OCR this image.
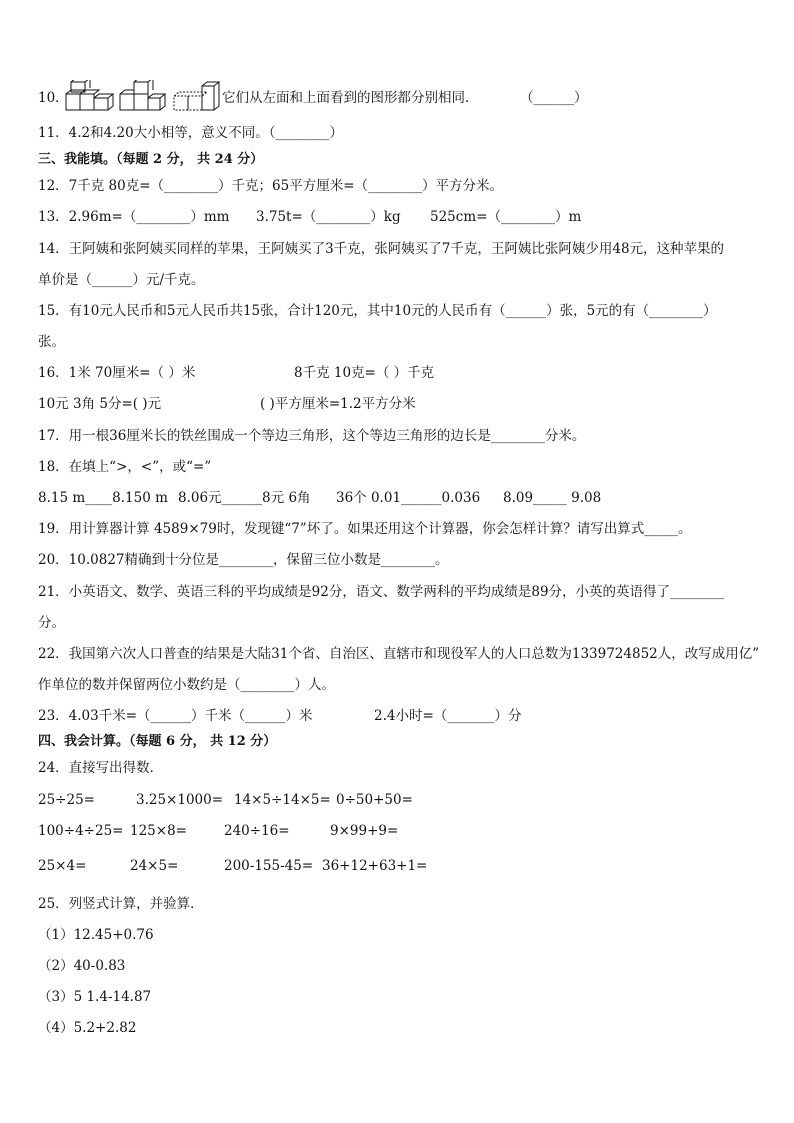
10．	它们从左面和上面看到的图形都分别相同．	（______）
11．4.2和4.20大小相等，意义不同。（________）
三、我能填。（每题 2 分， 共 24 分）
12．7千克 80克=（________）千克；65平方厘米=（________）平方分米。
13．2.96m=（________）mm 3.75t=（________）kg 525cm=（________）m
14．王阿姨和张阿姨买同样的苹果，王阿姨买了3千克，张阿姨买了7千克，王阿姨比张阿姨少用48元，这种苹果的
单价是（______）元/千克。
15．有10元人民币和5元人民币共15张，合计120元，其中10元的人民币有（______）张，5元的有（________）
张。
16．1米 70厘米=（ ）米	8千克 10克=（ ）千克
10元 3角 5分=( )元	( )平方厘米=1.2平方分米
17．用一根36厘米长的铁丝围成一个等边三角形，这个等边三角形的边长是________分米。
18．在填上“>，<”，或“=”
8.15 m____8.150 m 8.06元______8元 6角 36个 0.01______0.036 8.09_____ 9.08
19．用计算器计算 4589×79时，发现键“7”坏了。如果还用这个计算器，你会怎样计算？请写出算式_____。
20．10.0827精确到十分位是________，保留三位小数是________。
21．小英语文、数学、英语三科的平均成绩是92分，语文、数学两科的平均成绩是89分，小英的英语得了________
分。
22．我国第六次人口普查的结果是大陆31个省、自治区、直辖市和现役军人的人口总数为1339724852人，改写成用亿”
作单位的数并保留两位小数约是（________）人。
23．4.03千米=（______）千米（______）米	2.4小时=（_______）分
四、我会计算。（每题 6 分， 共 12 分）
24．直接写出得数．
25÷25=	3.25×1000= 14×5÷14×5= 0÷50+50=
100÷4÷25= 125×8=	240÷16=	9×99+9=
25×4=	24×5=	200-155-45= 36+12+63+1=
25．列竖式计算，并验算．
（1）12.45+0.76
（2）40-0.83
（3）5 1.4-14.87
（4）5.2+2.82
